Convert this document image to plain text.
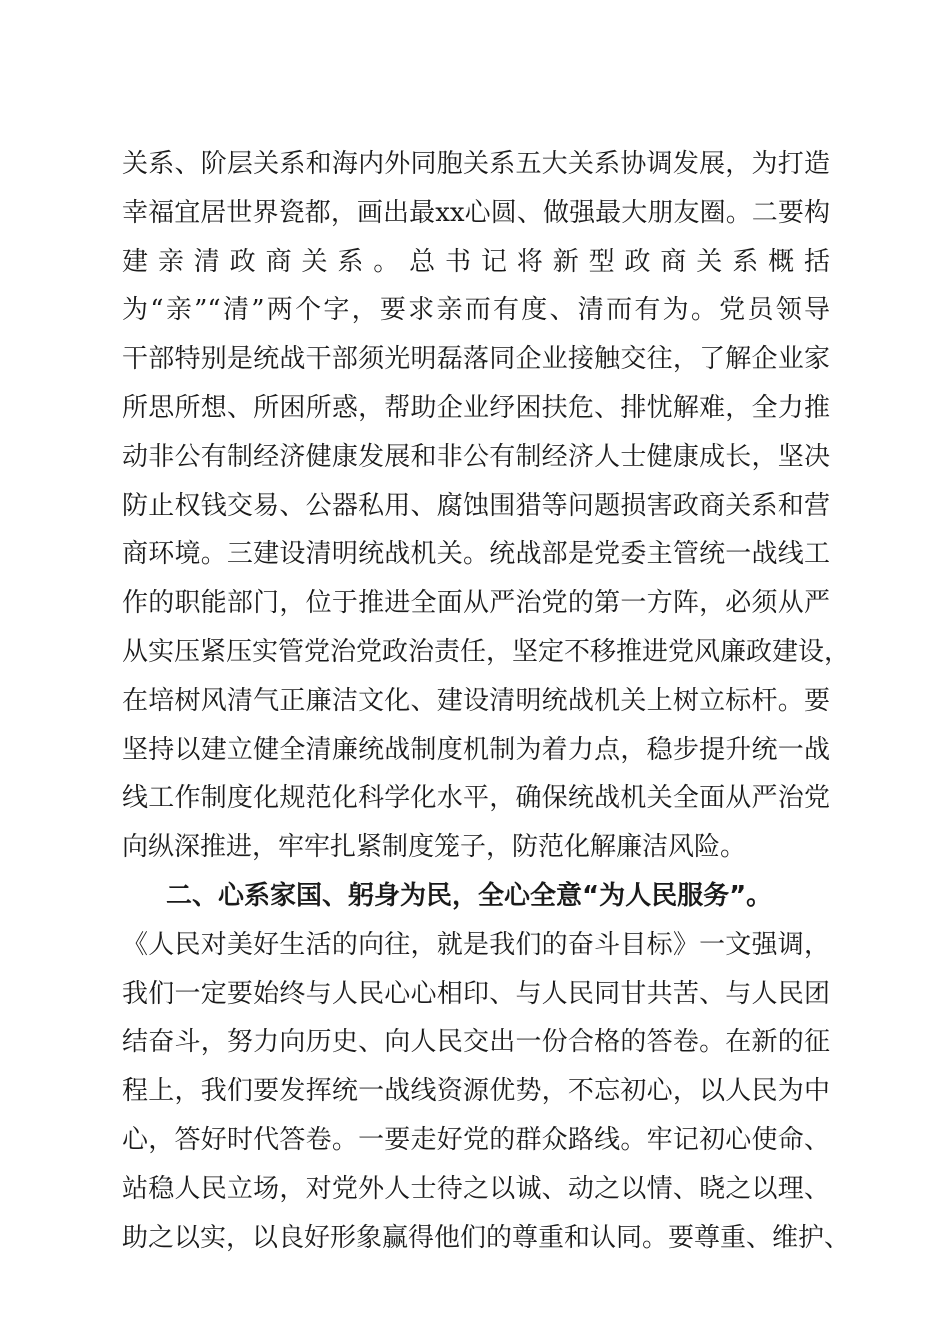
关系、阶层关系和海内外同胞关系五大关系协调发展，为打造
幸福宜居世界瓷都，画出最xx心圆、做强最大朋友圈。二要构
建亲清政商关系。总书记将新型政商关系概括
为“亲”“清”两个字，要求亲而有度、清而有为。党员领导
干部特别是统战干部须光明磊落同企业接触交往，了解企业家
所思所想、所困所惑，帮助企业纾困扶危、排忧解难，全力推
动非公有制经济健康发展和非公有制经济人士健康成长，坚决
防止权钱交易、公器私用、腐蚀围猎等问题损害政商关系和营
商环境。三建设清明统战机关。统战部是党委主管统一战线工
作的职能部门，位于推进全面从严治党的第一方阵，必须从严
从实压紧压实管党治党政治责任，坚定不移推进党风廉政建设，
在培树风清气正廉洁文化、建设清明统战机关上树立标杆。要
坚持以建立健全清廉统战制度机制为着力点，稳步提升统一战
线工作制度化规范化科学化水平，确保统战机关全面从严治党
向纵深推进，牢牢扎紧制度笼子，防范化解廉洁风险。
二、心系家国、躬身为民，全心全意“为人民服务”。
《人民对美好生活的向往，就是我们的奋斗目标》一文强调，
我们一定要始终与人民心心相印、与人民同甘共苦、与人民团
结奋斗，努力向历史、向人民交出一份合格的答卷。在新的征
程上，我们要发挥统一战线资源优势，不忘初心，以人民为中
心，答好时代答卷。一要走好党的群众路线。牢记初心使命、
站稳人民立场，对党外人士待之以诚、动之以情、晓之以理、
助之以实，以良好形象赢得他们的尊重和认同。要尊重、维护、
